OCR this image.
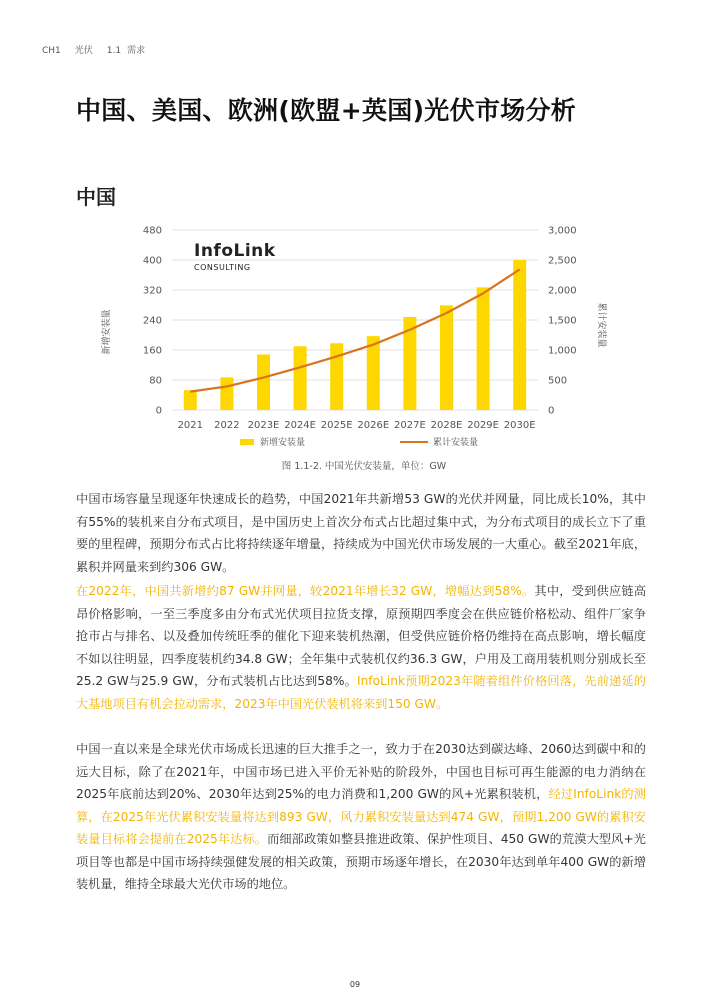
CH1 光伏 1.1 需求
中国、美国、欧洲(欧盟+英国)光伏市场分析
中国
0	0
80	500
160	1,000
240	1,500
320	2,000
400	2,500
480	3,000
2021 2022 2023E 2024E 2025E 2026E 2027E 2028E 2029E 2030E
InfoLink
CONSULTING
新增安装量	累计安装量
新增安装量	累计安装量
图 1.1-2. 中国光伏安装量，单位：GW

中国市场容量呈现逐年快速成长的趋势，中国2021年共新增53 GW的光伏并网量，同比成长10%，其中有55%的装机来自分布式项目，是中国历史上首次分布式占比超过集中式，为分布式项目的成长立下了重要的里程碑，预期分布式占比将持续逐年增量，持续成为中国光伏市场发展的一大重心。截至2021年底，累积并网量来到约306 GW。

在2022年，中国共新增约87 GW并网量，较2021年增长32 GW，增幅达到58%。其中，受到供应链高昂价格影响，一至三季度多由分布式光伏项目拉货支撑，原预期四季度会在供应链价格松动、组件厂家争抢市占与排名、以及叠加传统旺季的催化下迎来装机热潮，但受供应链价格仍维持在高点影响，增长幅度不如以往明显，四季度装机约34.8 GW；全年集中式装机仅约36.3 GW，户用及工商用装机则分别成长至25.2 GW与25.9 GW，分布式装机占比达到58%。InfoLink预期2023年随着组件价格回落，先前递延的大基地项目有机会拉动需求，2023年中国光伏装机将来到150 GW。

中国一直以来是全球光伏市场成长迅速的巨大推手之一，致力于在2030达到碳达峰、2060达到碳中和的远大目标，除了在2021年，中国市场已进入平价无补贴的阶段外，中国也目标可再生能源的电力消纳在2025年底前达到20%、2030年达到25%的电力消费和1,200 GW的风+光累积装机，经过InfoLink的测算，在2025年光伏累积安装量将达到893 GW，风力累积安装量达到474 GW，预期1,200 GW的累积安装量目标将会提前在2025年达标。而细部政策如整县推进政策、保护性项目、450 GW的荒漠大型风+光项目等也都是中国市场持续强健发展的相关政策，预期市场逐年增长，在2030年达到单年400 GW的新增装机量，维持全球最大光伏市场的地位。

09
